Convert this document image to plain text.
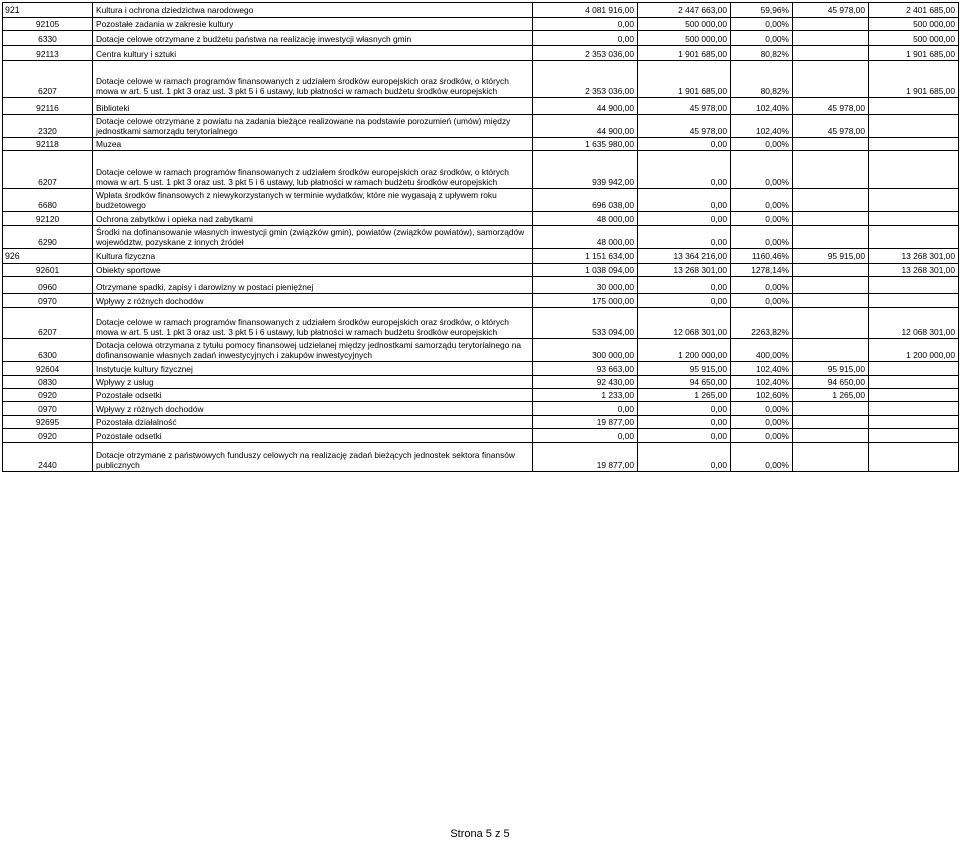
921	Kultura i ochrona dziedzictwa narodowego	4 081 916,00	2 447 663,00	59,96%	45 978,00	2 401 685,00
92105	Pozostałe zadania w zakresie kultury	0,00	500 000,00	0,00%		500 000,00
6330	Dotacje celowe otrzymane z budżetu państwa na realizację inwestycji własnych gmin	0,00	500 000,00	0,00%		500 000,00
92113	Centra kultury i sztuki	2 353 036,00	1 901 685,00	80,82%		1 901 685,00
6207	Dotacje celowe w ramach programów finansowanych z udziałem środków europejskich oraz środków, o których mowa w art. 5 ust. 1 pkt 3 oraz ust. 3 pkt 5 i 6 ustawy, lub płatności w ramach budżetu środków europejskich	2 353 036,00	1 901 685,00	80,82%		1 901 685,00
92116	Biblioteki	44 900,00	45 978,00	102,40%	45 978,00	
2320	Dotacje celowe otrzymane z powiatu na zadania bieżące realizowane na podstawie porozumień (umów) między jednostkami samorządu terytorialnego	44 900,00	45 978,00	102,40%	45 978,00	
92118	Muzea	1 635 980,00	0,00	0,00%		
6207	Dotacje celowe w ramach programów finansowanych z udziałem środków europejskich oraz środków, o których mowa w art. 5 ust. 1 pkt 3 oraz ust. 3 pkt 5 i 6 ustawy, lub płatności w ramach budżetu środków europejskich	939 942,00	0,00	0,00%		
6680	Wpłata środków finansowych z niewykorzystanych w terminie wydatków, które nie wygasają z upływem roku budżetowego	696 038,00	0,00	0,00%		
92120	Ochrona zabytków i opieka nad zabytkami	48 000,00	0,00	0,00%		
6290	Środki na dofinansowanie własnych inwestycji gmin (związków gmin), powiatów (związków powiatów), samorządów województw, pozyskane z innych źródeł	48 000,00	0,00	0,00%		
926	Kultura fizyczna	1 151 634,00	13 364 216,00	1160,46%	95 915,00	13 268 301,00
92601	Obiekty sportowe	1 038 094,00	13 268 301,00	1278,14%		13 268 301,00
0960	Otrzymane spadki, zapisy i darowizny w postaci pieniężnej	30 000,00	0,00	0,00%		
0970	Wpływy z różnych dochodów	175 000,00	0,00	0,00%		
6207	Dotacje celowe w ramach programów finansowanych z udziałem środków europejskich oraz środków, o których mowa w art. 5 ust. 1 pkt 3 oraz ust. 3 pkt 5 i 6 ustawy, lub płatności w ramach budżetu środków europejskich	533 094,00	12 068 301,00	2263,82%		12 068 301,00
6300	Dotacja celowa otrzymana z tytułu pomocy finansowej udzielanej między jednostkami samorządu terytorialnego na dofinansowanie własnych zadań inwestycyjnych i zakupów inwestycyjnych	300 000,00	1 200 000,00	400,00%		1 200 000,00
92604	Instytucje kultury fizycznej	93 663,00	95 915,00	102,40%	95 915,00	
0830	Wpływy z usług	92 430,00	94 650,00	102,40%	94 650,00	
0920	Pozostałe odsetki	1 233,00	1 265,00	102,60%	1 265,00	
0970	Wpływy z różnych dochodów	0,00	0,00	0,00%		
92695	Pozostała działalność	19 877,00	0,00	0,00%		
0920	Pozostałe odsetki	0,00	0,00	0,00%		
2440	Dotacje otrzymane z państwowych funduszy celowych na realizację zadań bieżących jednostek sektora finansów publicznych	19 877,00	0,00	0,00%		
Strona 5 z 5
